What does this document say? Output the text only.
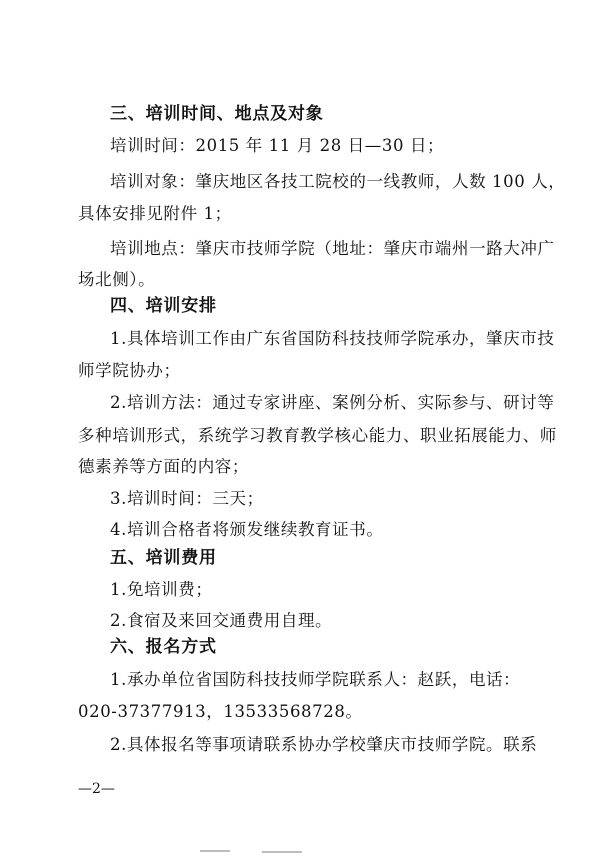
三、培训时间、地点及对象
培训时间：2015 年 11 月 28 日—30 日；
培训对象：肇庆地区各技工院校的一线教师，人数 100 人，
具体安排见附件 1；
培训地点：肇庆市技师学院（地址：肇庆市端州一路大冲广
场北侧）。
四、培训安排
1.具体培训工作由广东省国防科技技师学院承办，肇庆市技
师学院协办；
2.培训方法：通过专家讲座、案例分析、实际参与、研讨等
多种培训形式，系统学习教育教学核心能力、职业拓展能力、师
德素养等方面的内容；
3.培训时间：三天；
4.培训合格者将颁发继续教育证书。
五、培训费用
1.免培训费；
2.食宿及来回交通费用自理。
六、报名方式
1.承办单位省国防科技技师学院联系人：赵跃，电话：
020-37377913，13533568728。
2.具体报名等事项请联系协办学校肇庆市技师学院。联系
—2—
